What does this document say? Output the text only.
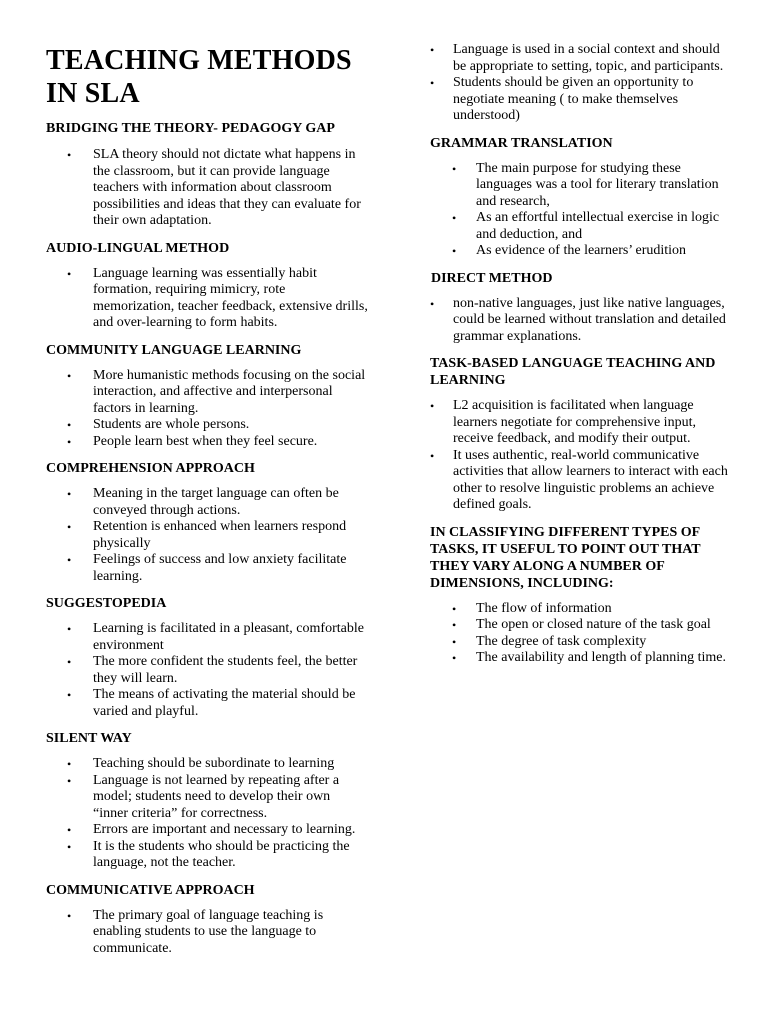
TEACHING METHODS
IN SLA
BRIDGING THE THEORY- PEDAGOGY GAP
• SLA theory should not dictate what happens in the classroom, but it can provide language teachers with information about classroom possibilities and ideas that they can evaluate for their own adaptation.
AUDIO-LINGUAL METHOD
• Language learning was essentially habit formation, requiring mimicry, rote memorization, teacher feedback, extensive drills, and over-learning to form habits.
COMMUNITY LANGUAGE LEARNING
• More humanistic methods focusing on the social interaction, and affective and interpersonal factors in learning.
• Students are whole persons.
• People learn best when they feel secure.
COMPREHENSION APPROACH
• Meaning in the target language can often be conveyed through actions.
• Retention is enhanced when learners respond physically
• Feelings of success and low anxiety facilitate learning.
SUGGESTOPEDIA
• Learning is facilitated in a pleasant, comfortable environment
• The more confident the students feel, the better they will learn.
• The means of activating the material should be varied and playful.
SILENT WAY
• Teaching should be subordinate to learning
• Language is not learned by repeating after a model; students need to develop their own “inner criteria” for correctness.
• Errors are important and necessary to learning.
• It is the students who should be practicing the language, not the teacher.
COMMUNICATIVE APPROACH
• The primary goal of language teaching is enabling students to use the language to communicate.
• Language is used in a social context and should be appropriate to setting, topic, and participants.
• Students should be given an opportunity to negotiate meaning ( to make themselves understood)
GRAMMAR TRANSLATION
• The main purpose for studying these languages was a tool for literary translation and research,
• As an effortful intellectual exercise in logic and deduction, and
• As evidence of the learners’ erudition
DIRECT METHOD
• non-native languages, just like native languages, could be learned without translation and detailed grammar explanations.
TASK-BASED LANGUAGE TEACHING AND LEARNING
• L2 acquisition is facilitated when language learners negotiate for comprehensive input, receive feedback, and modify their output.
• It uses authentic, real-world communicative activities that allow learners to interact with each other to resolve linguistic problems an achieve defined goals.
IN CLASSIFYING DIFFERENT TYPES OF TASKS, IT USEFUL TO POINT OUT THAT THEY VARY ALONG A NUMBER OF DIMENSIONS, INCLUDING:
• The flow of information
• The open or closed nature of the task goal
• The degree of task complexity
• The availability and length of planning time.
